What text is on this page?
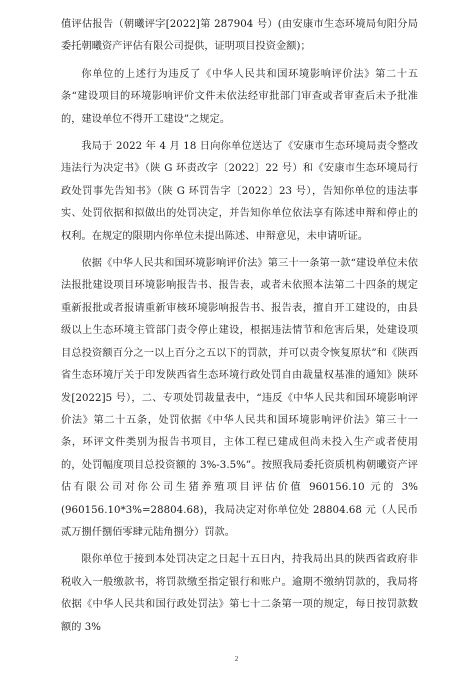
值评估报告（朝曦评字[2022]第 287904 号）(由安康市生态环境局旬阳分局委托朝曦资产评估有限公司提供，证明项目投资金额)；

你单位的上述行为违反了《中华人民共和国环境影响评价法》第二十五条“建设项目的环境影响评价文件未依法经审批部门审查或者审查后未予批准的，建设单位不得开工建设”之规定。

我局于 2022 年 4 月 18 日向你单位送达了《安康市生态环境局责令整改违法行为决定书》（陕 G 环责改字〔2022〕22 号）和《安康市生态环境局行政处罚事先告知书》（陕 G 环罚告字〔2022〕23 号），告知你单位的违法事实、处罚依据和拟做出的处罚决定，并告知你单位依法享有陈述申辩和停止的权利。在规定的限期内你单位未提出陈述、申辩意见，未申请听证。

依据《中华人民共和国环境影响评价法》第三十一条第一款“建设单位未依法报批建设项目环境影响报告书、报告表，或者未依照本法第二十四条的规定重新报批或者报请重新审核环境影响报告书、报告表，擅自开工建设的，由县级以上生态环境主管部门责令停止建设，根据违法情节和危害后果，处建设项目总投资额百分之一以上百分之五以下的罚款，并可以责令恢复原状”和《陕西省生态环境厅关于印发陕西省生态环境行政处罚自由裁量权基准的通知》陕环发[2022]5 号），二、专项处罚裁量表中，“违反《中华人民共和国环境影响评价法》第二十五条，处罚依据《中华人民共和国环境影响评价法》第三十一条，环评文件类别为报告书项目，主体工程已建成但尚未投入生产或者使用的，处罚幅度项目总投资额的 3%-3.5%”。按照我局委托资质机构朝曦资产评估有限公司对你公司生猪养殖项目评估价值 960156.10 元的 3%(960156.10*3%=28804.68)，我局决定对你单位处 28804.68 元（人民币贰万捌仟捌佰零肆元陆角捌分）罚款。

限你单位于接到本处罚决定之日起十五日内，持我局出具的陕西省政府非税收入一般缴款书，将罚款缴至指定银行和账户。逾期不缴纳罚款的，我局将依据《中华人民共和国行政处罚法》第七十二条第一项的规定，每日按罚款数额的 3%

2
